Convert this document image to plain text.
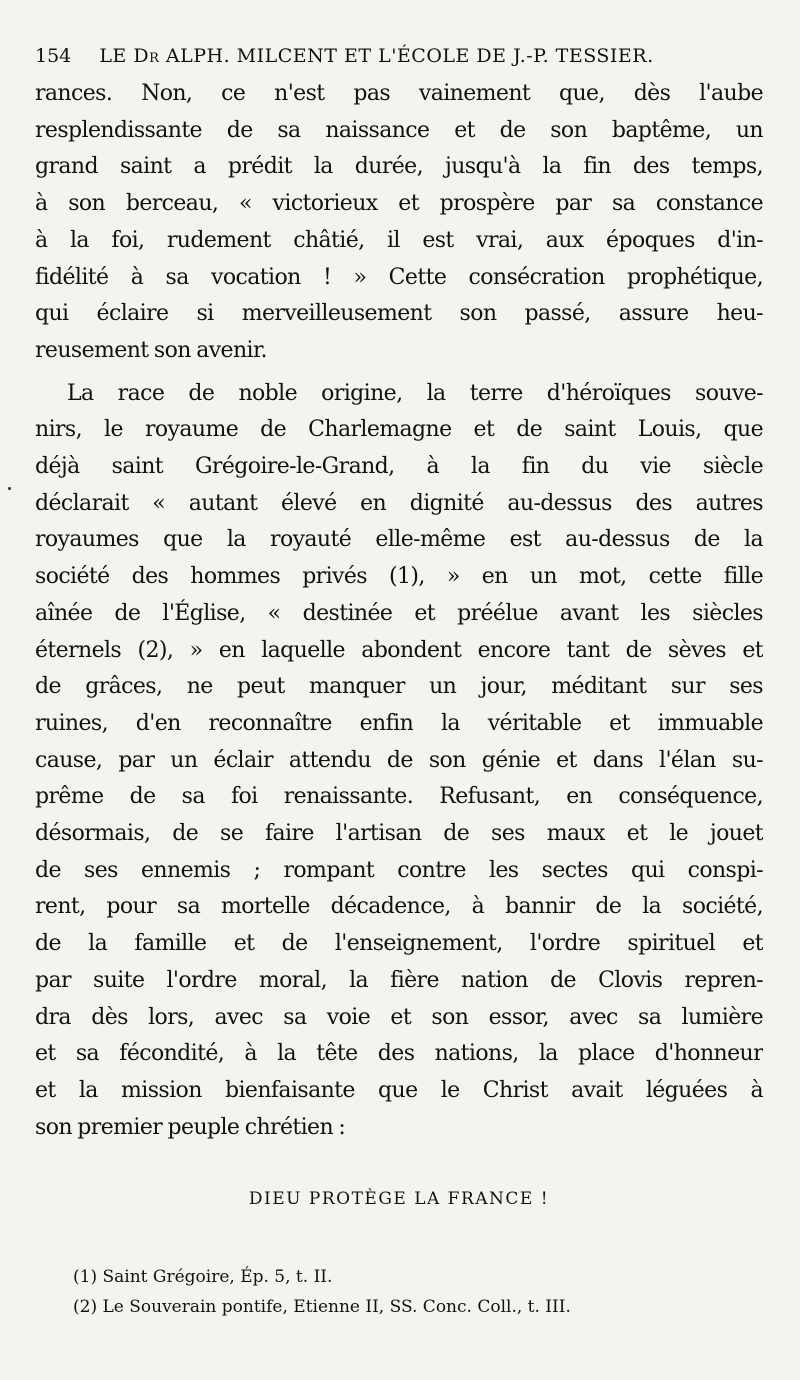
154 LE Dr ALPH. MILCENT ET L'ÉCOLE DE J.-P. TESSIER.
rances. Non, ce n'est pas vainement que, dès l'aube
resplendissante de sa naissance et de son baptême, un
grand saint a prédit la durée, jusqu'à la fin des temps,
à son berceau, « victorieux et prospère par sa constance
à la foi, rudement châtié, il est vrai, aux époques d'in-
fidélité à sa vocation ! » Cette consécration prophétique,
qui éclaire si merveilleusement son passé, assure heu-
reusement son avenir.
La race de noble origine, la terre d'héroïques souve-
nirs, le royaume de Charlemagne et de saint Louis, que
déjà saint Grégoire-le-Grand, à la fin du vie siècle
déclarait « autant élevé en dignité au-dessus des autres
royaumes que la royauté elle-même est au-dessus de la
société des hommes privés (1), » en un mot, cette fille
aînée de l'Église, « destinée et préélue avant les siècles
éternels (2), » en laquelle abondent encore tant de sèves et
de grâces, ne peut manquer un jour, méditant sur ses
ruines, d'en reconnaître enfin la véritable et immuable
cause, par un éclair attendu de son génie et dans l'élan su-
prême de sa foi renaissante. Refusant, en conséquence,
désormais, de se faire l'artisan de ses maux et le jouet
de ses ennemis ; rompant contre les sectes qui conspi-
rent, pour sa mortelle décadence, à bannir de la société,
de la famille et de l'enseignement, l'ordre spirituel et
par suite l'ordre moral, la fière nation de Clovis repren-
dra dès lors, avec sa voie et son essor, avec sa lumière
et sa fécondité, à la tête des nations, la place d'honneur
et la mission bienfaisante que le Christ avait léguées à
son premier peuple chrétien :
DIEU PROTÈGE LA FRANCE !
(1) Saint Grégoire, Ép. 5, t. II.
(2) Le Souverain pontife, Etienne II, SS. Conc. Coll., t. III.
